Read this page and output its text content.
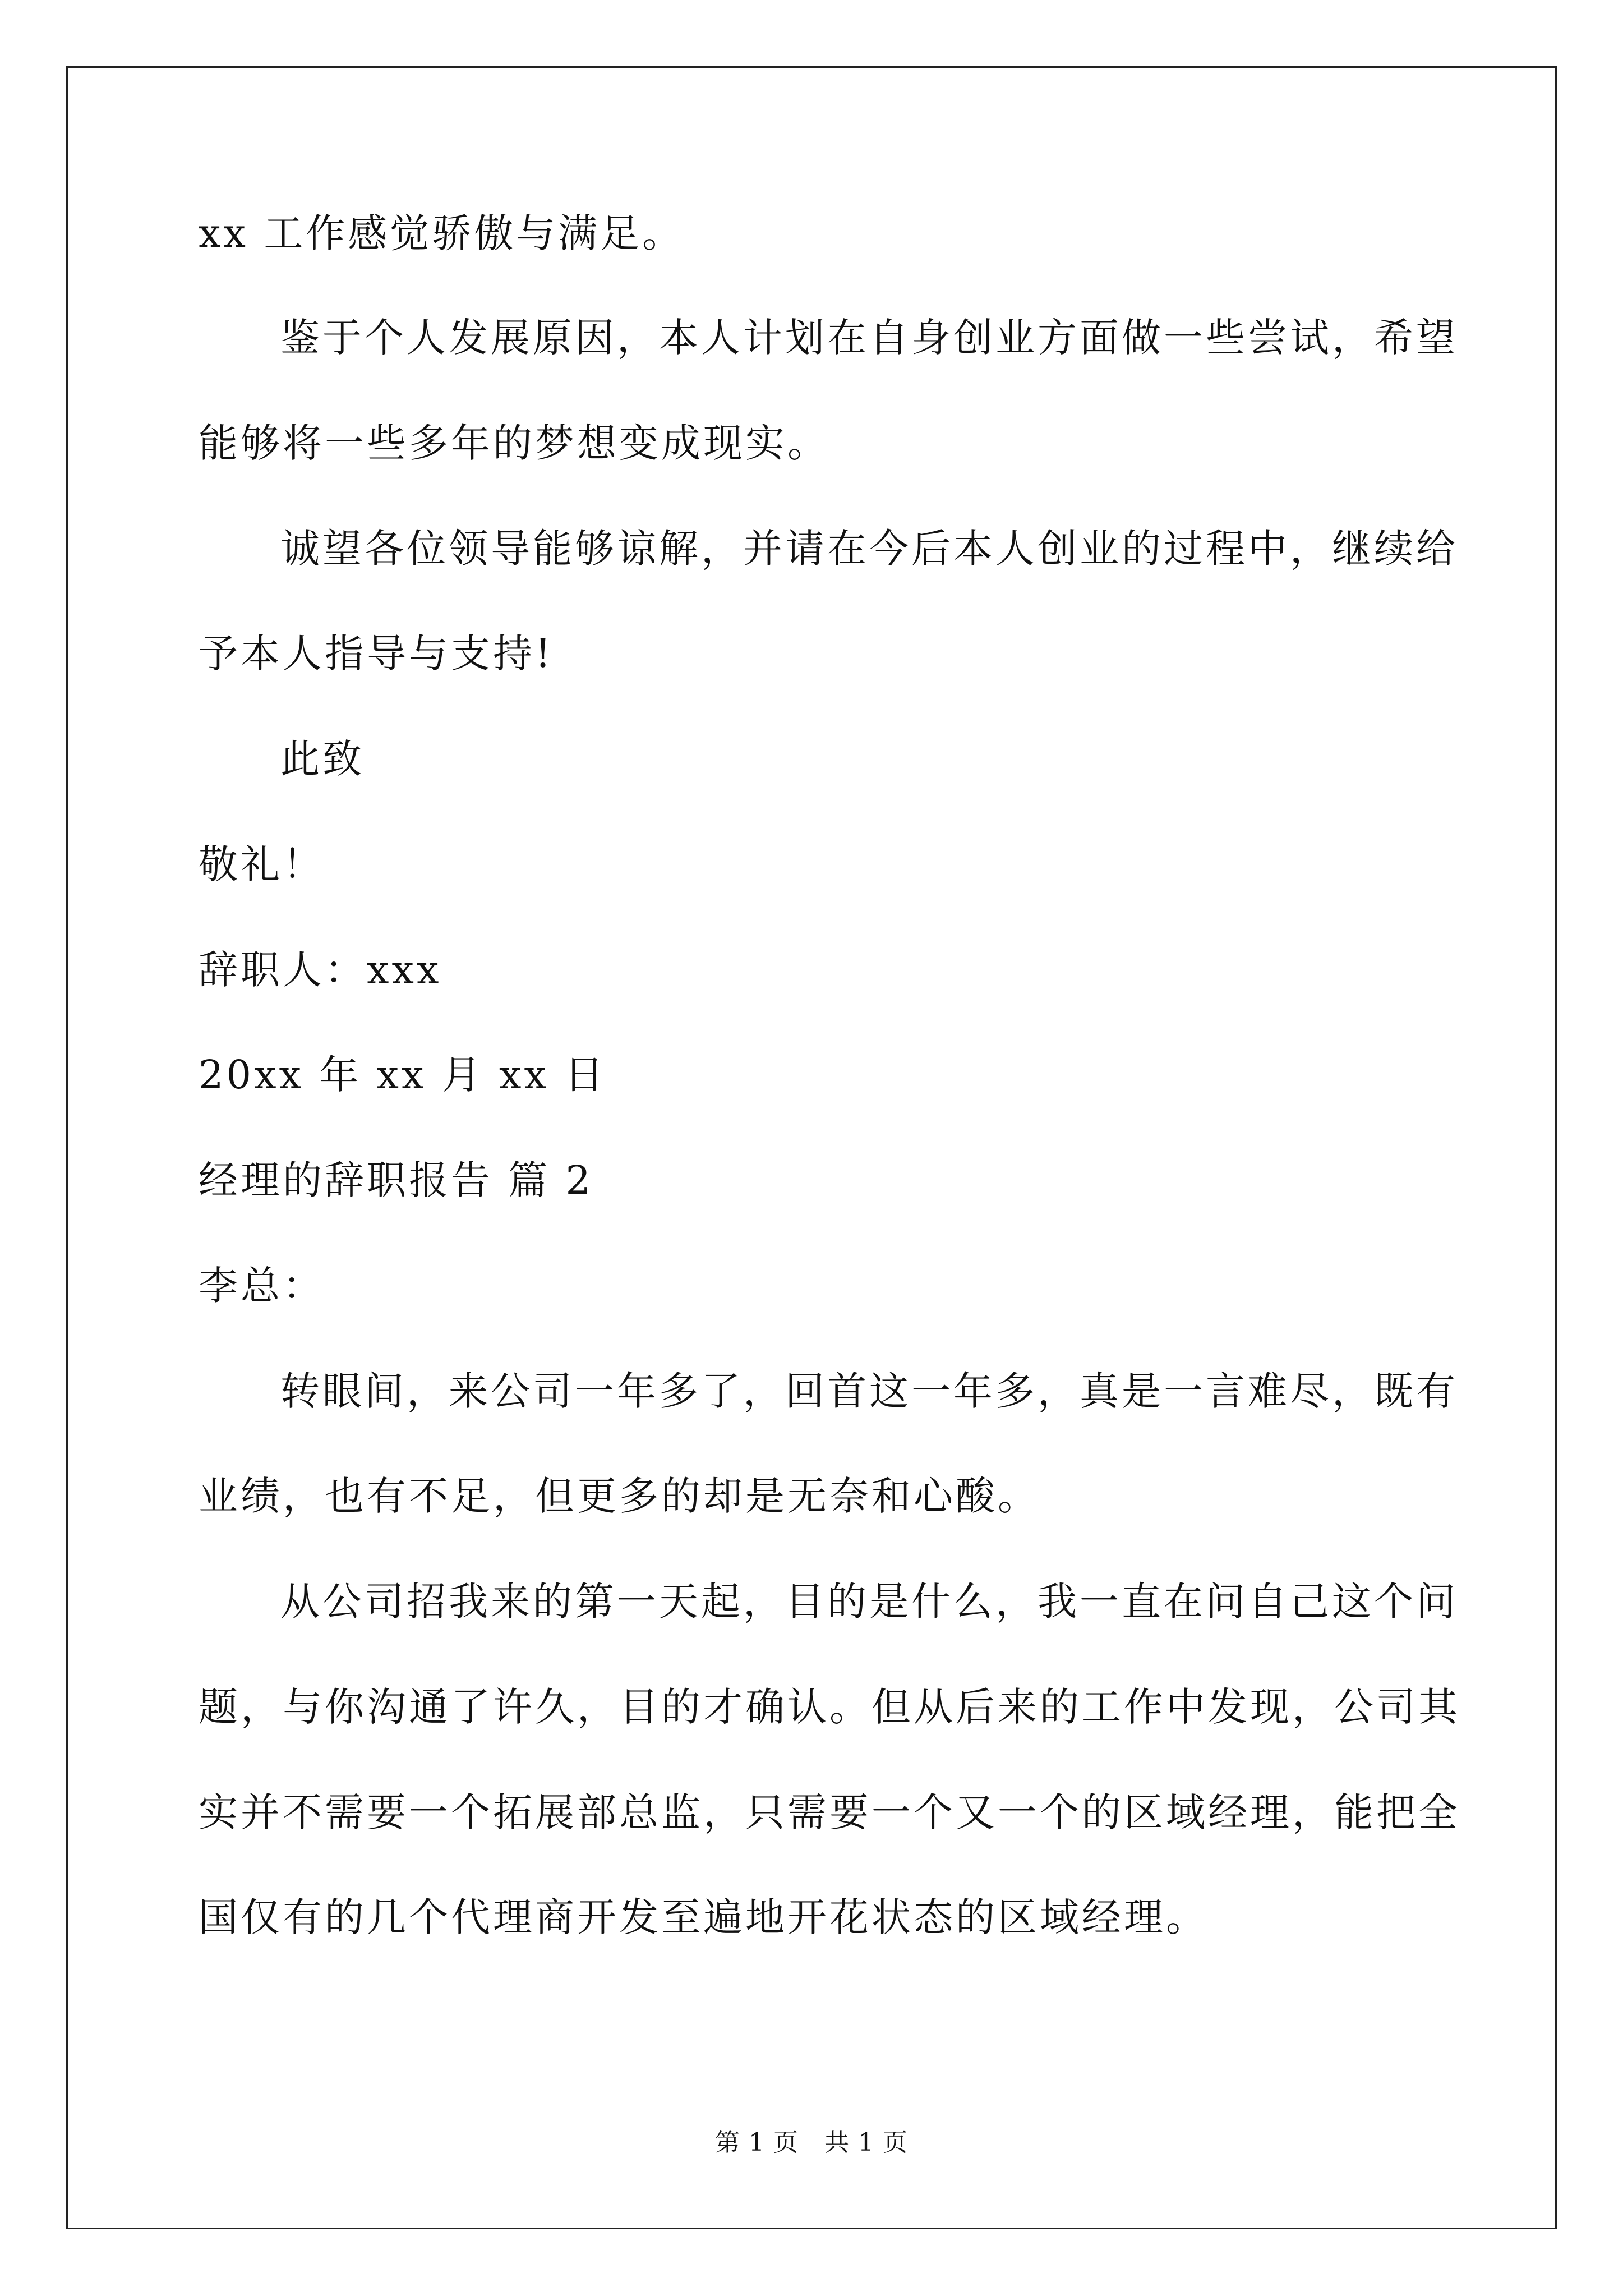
xx 工作感觉骄傲与满足。
鉴于个人发展原因，本人计划在自身创业方面做一些尝试，希望
能够将一些多年的梦想变成现实。
诚望各位领导能够谅解，并请在今后本人创业的过程中，继续给
予本人指导与支持!
此致
敬礼！
辞职人：xxx
20xx 年 xx 月 xx 日
经理的辞职报告 篇 2
李总：
转眼间，来公司一年多了，回首这一年多，真是一言难尽，既有
业绩，也有不足，但更多的却是无奈和心酸。
从公司招我来的第一天起，目的是什么，我一直在问自己这个问
题，与你沟通了许久，目的才确认。但从后来的工作中发现，公司其
实并不需要一个拓展部总监，只需要一个又一个的区域经理，能把全
国仅有的几个代理商开发至遍地开花状态的区域经理。
第 1 页 共 1 页
